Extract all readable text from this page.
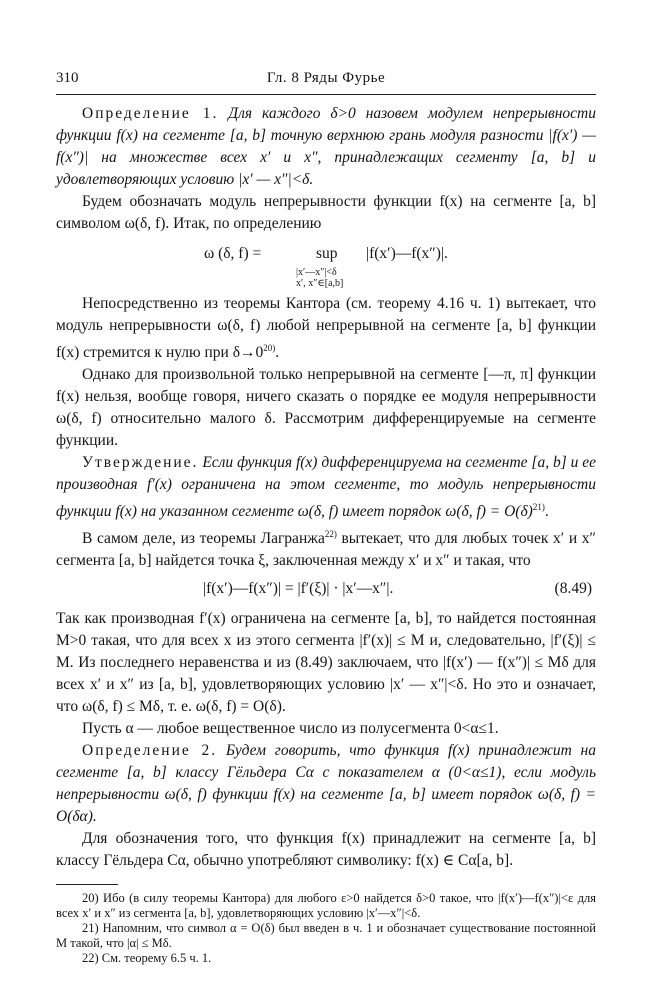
310	Гл. 8 Ряды Фурье

Определение 1. Для каждого δ>0 назовем модулем непрерывности функции f(x) на сегменте [a, b] точную верхнюю грань модуля разности |f(x′) — f(x″)| на множестве всех x′ и x″, принадлежащих сегменту [a, b] и удовлетворяющих условию |x′ — x″|<δ.

Будем обозначать модуль непрерывности функции f(x) на сегменте [a, b] символом ω(δ, f). Итак, по определению

ω (δ, f) =	sup
|x′—x″|<δ
x′, x″∈[a,b]
|f(x′)—f(x″)|.

Непосредственно из теоремы Кантора (см. теорему 4.16 ч. 1) вытекает, что модуль непрерывности ω(δ, f) любой непрерывной на сегменте [a, b] функции f(x) стремится к нулю при $\delta\to 0^{20)}$.

Однако для произвольной только непрерывной на сегменте [—π, π] функции f(x) нельзя, вообще говоря, ничего сказать о порядке ее модуля непрерывности ω(δ, f) относительно малого δ. Рассмотрим дифференцируемые на сегменте функции.

Утверждение. Если функция f(x) дифференцируема на сегменте [a, b] и ее производная f′(x) ограничена на этом сегменте, то модуль непрерывности функции f(x) на указанном сегменте ω(δ, f) имеет порядок ω(δ, $f) = O(\delta)^{21)}$.

В самом деле, из теоремы Лагранжа$^{22)}$ вытекает, что для любых точек x′ и x″ сегмента [a, b] найдется точка ξ, заключенная между x′ и x″ и такая, что

|f(x′)—f(x″)| = |f′(ξ)| · |x′—x″|.	(8.49)

Так как производная f′(x) ограничена на сегменте [a, b], то найдется постоянная M>0 такая, что для всех x из этого сегмента |f′(x)| ≤ M и, следовательно, |f′(ξ)| ≤ M. Из последнего неравенства и из (8.49) заключаем, что |f(x′) — f(x″)| ≤ Mδ для всех x′ и x″ из [a, b], удовлетворяющих условию |x′ — x″|<δ. Но это и означает, что ω(δ, f) ≤ Mδ, т. е. ω(δ, f) = O(δ).

Пусть α — любое вещественное число из полусегмента 0<α≤1.

Определение 2. Будем говорить, что функция f(x) принадлежит на сегменте [a, b] классу Гёльдера Cα с показателем α (0<α≤1), если модуль непрерывности ω(δ, f) функции f(x) на сегменте [a, b] имеет порядок ω(δ, f) = O(δα).

Для обозначения того, что функция f(x) принадлежит на сегменте [a, b] классу Гёльдера Cα, обычно употребляют символику: f(x) ∈ Cα[a, b].

20) Ибо (в силу теоремы Кантора) для любого ε>0 найдется δ>0 такое, что |f(x′)—f(x″)|<ε для всех x′ и x″ из сегмента [a, b], удовлетворяющих условию |x′—x″|<δ.

21) Напомним, что символ α = O(δ) был введен в ч. 1 и обозначает существование постоянной M такой, что |α| ≤ Mδ.

22) См. теорему 6.5 ч. 1.
